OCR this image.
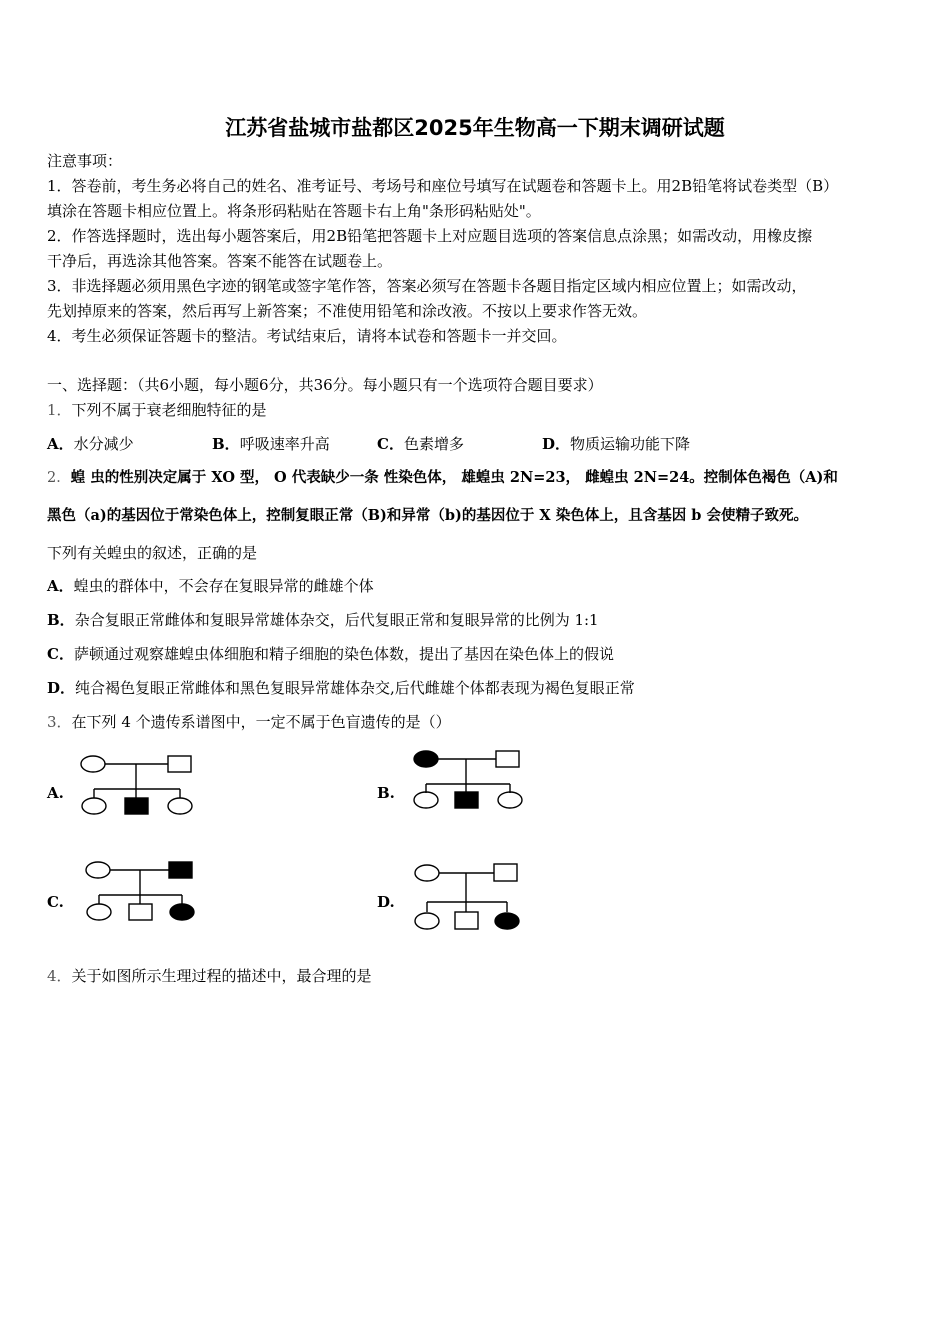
江苏省盐城市盐都区2025年生物高一下期末调研试题
注意事项：
1．答卷前，考生务必将自己的姓名、准考证号、考场号和座位号填写在试题卷和答题卡上。用2B铅笔将试卷类型（B）
填涂在答题卡相应位置上。将条形码粘贴在答题卡右上角"条形码粘贴处"。
2．作答选择题时，选出每小题答案后，用2B铅笔把答题卡上对应题目选项的答案信息点涂黑；如需改动，用橡皮擦
干净后，再选涂其他答案。答案不能答在试题卷上。
3．非选择题必须用黑色字迹的钢笔或签字笔作答，答案必须写在答题卡各题目指定区域内相应位置上；如需改动，
先划掉原来的答案，然后再写上新答案；不准使用铅笔和涂改液。不按以上要求作答无效。
4．考生必须保证答题卡的整洁。考试结束后，请将本试卷和答题卡一并交回。
一、选择题：（共6小题，每小题6分，共36分。每小题只有一个选项符合题目要求）
1．下列不属于衰老细胞特征的是
A．水分减少	B．呼吸速率升高	C．色素增多	D．物质运输功能下降
2．蝗 虫的性别决定属于 XO 型， O 代表缺少一条 性染色体， 雄蝗虫 2N=23， 雌蝗虫 2N=24。控制体色褐色（A)和
黑色（a)的基因位于常染色体上，控制复眼正常（B)和异常（b)的基因位于 X 染色体上，且含基因 b 会使精子致死。
下列有关蝗虫的叙述，正确的是
A．蝗虫的群体中，不会存在复眼异常的雌雄个体
B．杂合复眼正常雌体和复眼异常雄体杂交，后代复眼正常和复眼异常的比例为 1:1
C．萨顿通过观察雄蝗虫体细胞和精子细胞的染色体数，提出了基因在染色体上的假说
D．纯合褐色复眼正常雌体和黑色复眼异常雄体杂交,后代雌雄个体都表现为褐色复眼正常
3．在下列 4 个遗传系谱图中，一定不属于色盲遗传的是（）
A.	B.
C.	D.
4．关于如图所示生理过程的描述中，最合理的是
